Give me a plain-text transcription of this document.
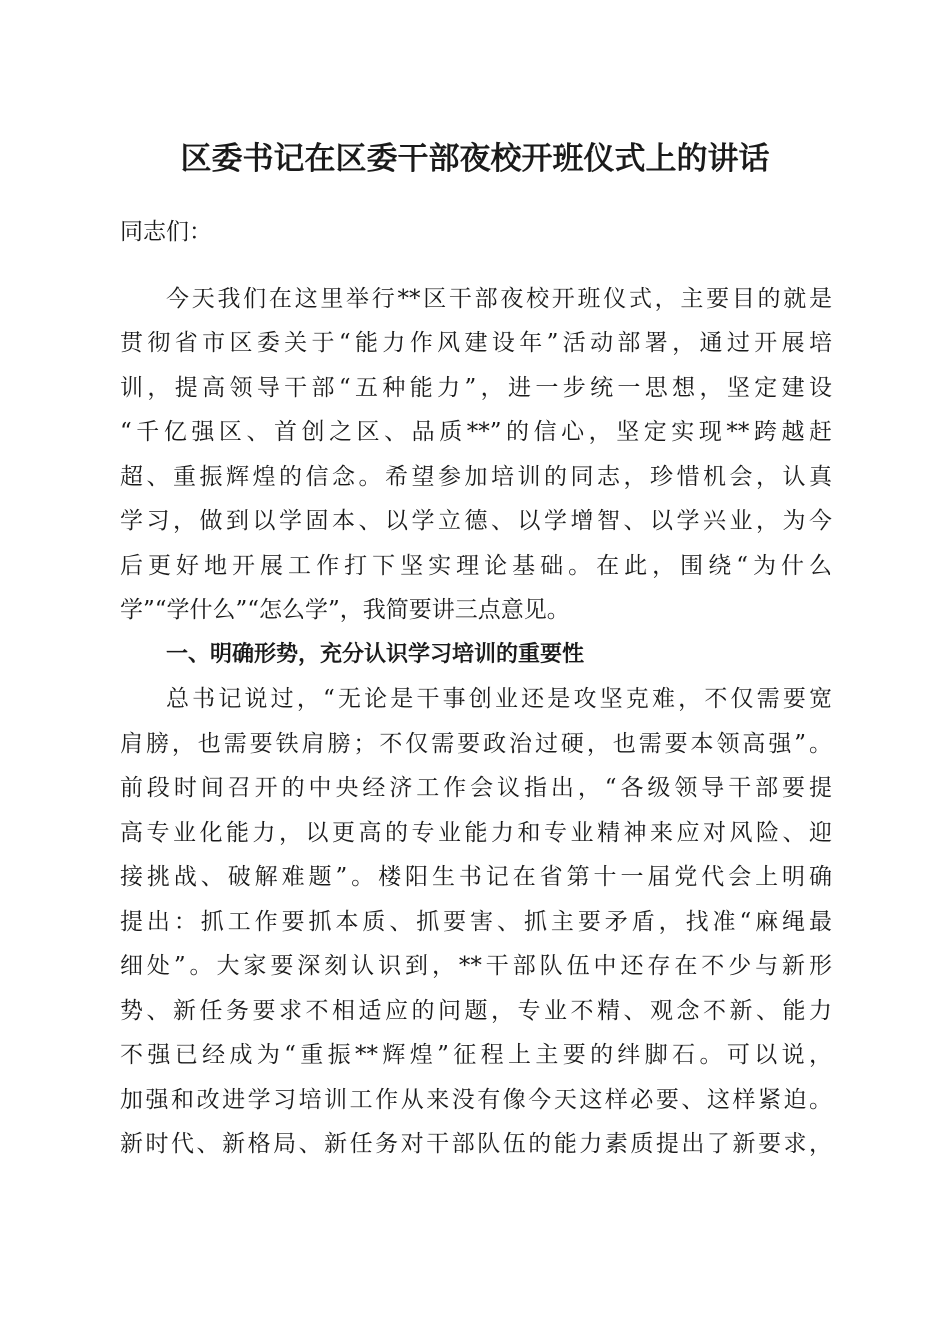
区委书记在区委干部夜校开班仪式上的讲话
同志们：
今天我们在这里举行**区干部夜校开班仪式，主要目的就是
贯彻省市区委关于“能力作风建设年”活动部署，通过开展培
训，提高领导干部“五种能力”，进一步统一思想，坚定建设
“千亿强区、首创之区、品质**”的信心，坚定实现**跨越赶
超、重振辉煌的信念。希望参加培训的同志，珍惜机会，认真
学习，做到以学固本、以学立德、以学增智、以学兴业，为今
后更好地开展工作打下坚实理论基础。在此，围绕“为什么
学”“学什么”“怎么学”，我简要讲三点意见。
一、明确形势，充分认识学习培训的重要性
总书记说过，“无论是干事创业还是攻坚克难，不仅需要宽
肩膀，也需要铁肩膀；不仅需要政治过硬，也需要本领高强”。
前段时间召开的中央经济工作会议指出，“各级领导干部要提
高专业化能力，以更高的专业能力和专业精神来应对风险、迎
接挑战、破解难题”。楼阳生书记在省第十一届党代会上明确
提出：抓工作要抓本质、抓要害、抓主要矛盾，找准“麻绳最
细处”。大家要深刻认识到，**干部队伍中还存在不少与新形
势、新任务要求不相适应的问题，专业不精、观念不新、能力
不强已经成为“重振**辉煌”征程上主要的绊脚石。可以说，
加强和改进学习培训工作从来没有像今天这样必要、这样紧迫。
新时代、新格局、新任务对干部队伍的能力素质提出了新要求，
